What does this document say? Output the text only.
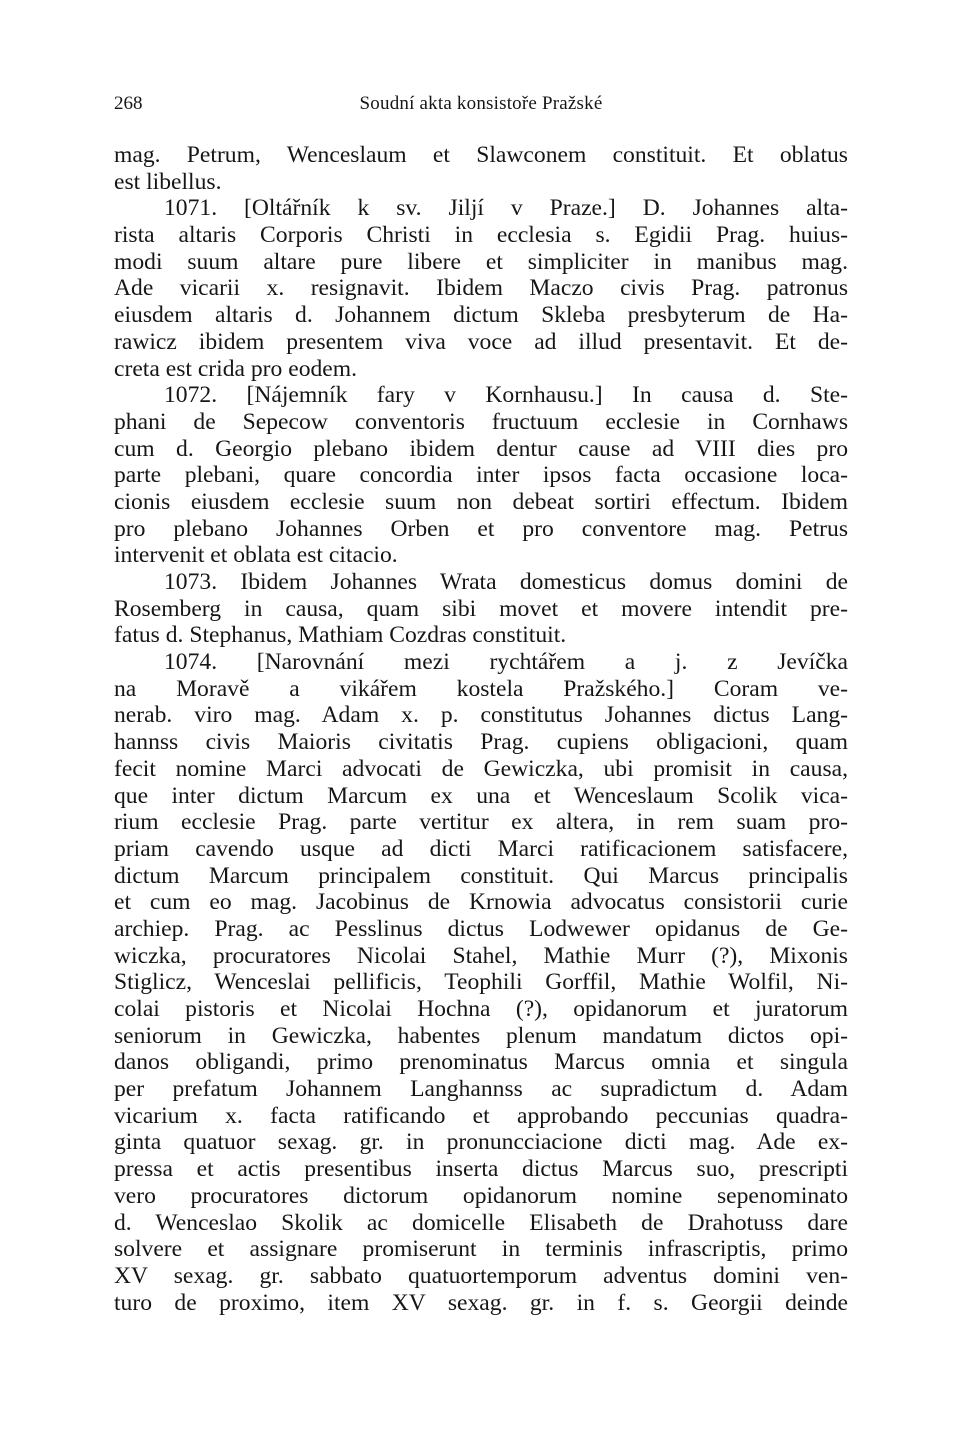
268	Soudní akta konsistoře Pražské
mag. Petrum, Wenceslaum et Slawconem constituit. Et oblatus
est libellus.
1071. [Oltářník k sv. Jiljí v Praze.] D. Johannes alta-
rista altaris Corporis Christi in ecclesia s. Egidii Prag. huius-
modi suum altare pure libere et simpliciter in manibus mag.
Ade vicarii x. resignavit. Ibidem Maczo civis Prag. patronus
eiusdem altaris d. Johannem dictum Skleba presbyterum de Ha-
rawicz ibidem presentem viva voce ad illud presentavit. Et de-
creta est crida pro eodem.
1072. [Nájemník fary v Kornhausu.] In causa d. Ste-
phani de Sepecow conventoris fructuum ecclesie in Cornhaws
cum d. Georgio plebano ibidem dentur cause ad VIII dies pro
parte plebani, quare concordia inter ipsos facta occasione loca-
cionis eiusdem ecclesie suum non debeat sortiri effectum. Ibidem
pro plebano Johannes Orben et pro conventore mag. Petrus
intervenit et oblata est citacio.
1073. Ibidem Johannes Wrata domesticus domus domini de
Rosemberg in causa, quam sibi movet et movere intendit pre-
fatus d. Stephanus, Mathiam Cozdras constituit.
1074. [Narovnání mezi rychtářem a j. z Jevíčka
na Moravě a vikářem kostela Pražského.] Coram ve-
nerab. viro mag. Adam x. p. constitutus Johannes dictus Lang-
hannss civis Maioris civitatis Prag. cupiens obligacioni, quam
fecit nomine Marci advocati de Gewiczka, ubi promisit in causa,
que inter dictum Marcum ex una et Wenceslaum Scolik vica-
rium ecclesie Prag. parte vertitur ex altera, in rem suam pro-
priam cavendo usque ad dicti Marci ratificacionem satisfacere,
dictum Marcum principalem constituit. Qui Marcus principalis
et cum eo mag. Jacobinus de Krnowia advocatus consistorii curie
archiep. Prag. ac Pesslinus dictus Lodwewer opidanus de Ge-
wiczka, procuratores Nicolai Stahel, Mathie Murr (?), Mixonis
Stiglicz, Wenceslai pellificis, Teophili Gorffil, Mathie Wolfil, Ni-
colai pistoris et Nicolai Hochna (?), opidanorum et juratorum
seniorum in Gewiczka, habentes plenum mandatum dictos opi-
danos obligandi, primo prenominatus Marcus omnia et singula
per prefatum Johannem Langhannss ac supradictum d. Adam
vicarium x. facta ratificando et approbando peccunias quadra-
ginta quatuor sexag. gr. in pronuncciacione dicti mag. Ade ex-
pressa et actis presentibus inserta dictus Marcus suo, prescripti
vero procuratores dictorum opidanorum nomine sepenominato
d. Wenceslao Skolik ac domicelle Elisabeth de Drahotuss dare
solvere et assignare promiserunt in terminis infrascriptis, primo
XV sexag. gr. sabbato quatuortemporum adventus domini ven-
turo de proximo, item XV sexag. gr. in f. s. Georgii deinde
